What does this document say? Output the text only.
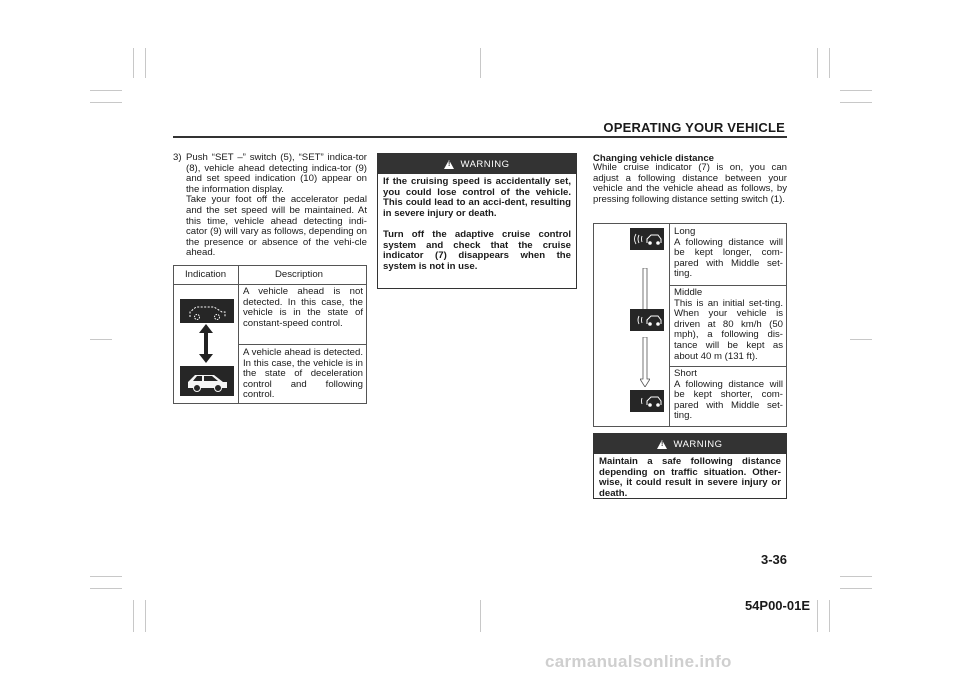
OPERATING YOUR VEHICLE
3) Push “SET –” switch (5), “SET” indica-tor (8), vehicle ahead detecting indica-tor (9) and set speed indication (10) appear on the information display.

Take your foot off the accelerator pedal and the set speed will be maintained. At this time, vehicle ahead detecting indi-cator (9) will vary as follows, depending on the presence or absence of the vehi-cle ahead.

Indication	Description
A vehicle ahead is not detected. In this case, the vehicle is in the state of constant-speed control.
A vehicle ahead is detected. In this case, the vehicle is in the state of deceleration control and following control.
!
WARNING

If the cruising speed is accidentally set, you could lose control of the vehicle. This could lead to an acci-dent, resulting in severe injury or death.

Turn off the adaptive cruise control system and check that the cruise indicator (7) disappears when the system is not in use.

Changing vehicle distance
While cruise indicator (7) is on, you can adjust a following distance between your vehicle and the vehicle ahead as follows, by pressing following distance setting switch (1).
Long
A following distance will be kept longer, com-pared with Middle set-ting.
Middle
This is an initial set-ting. When your vehicle is driven at 80 km/h (50 mph), a following dis-tance will be kept as about 40 m (131 ft).
Short
A following distance will be kept shorter, com-pared with Middle set-ting.
!
WARNING

Maintain a safe following distance depending on traffic situation. Other-wise, it could result in severe injury or death.

3-36
54P00-01E
carmanualsonline.info
